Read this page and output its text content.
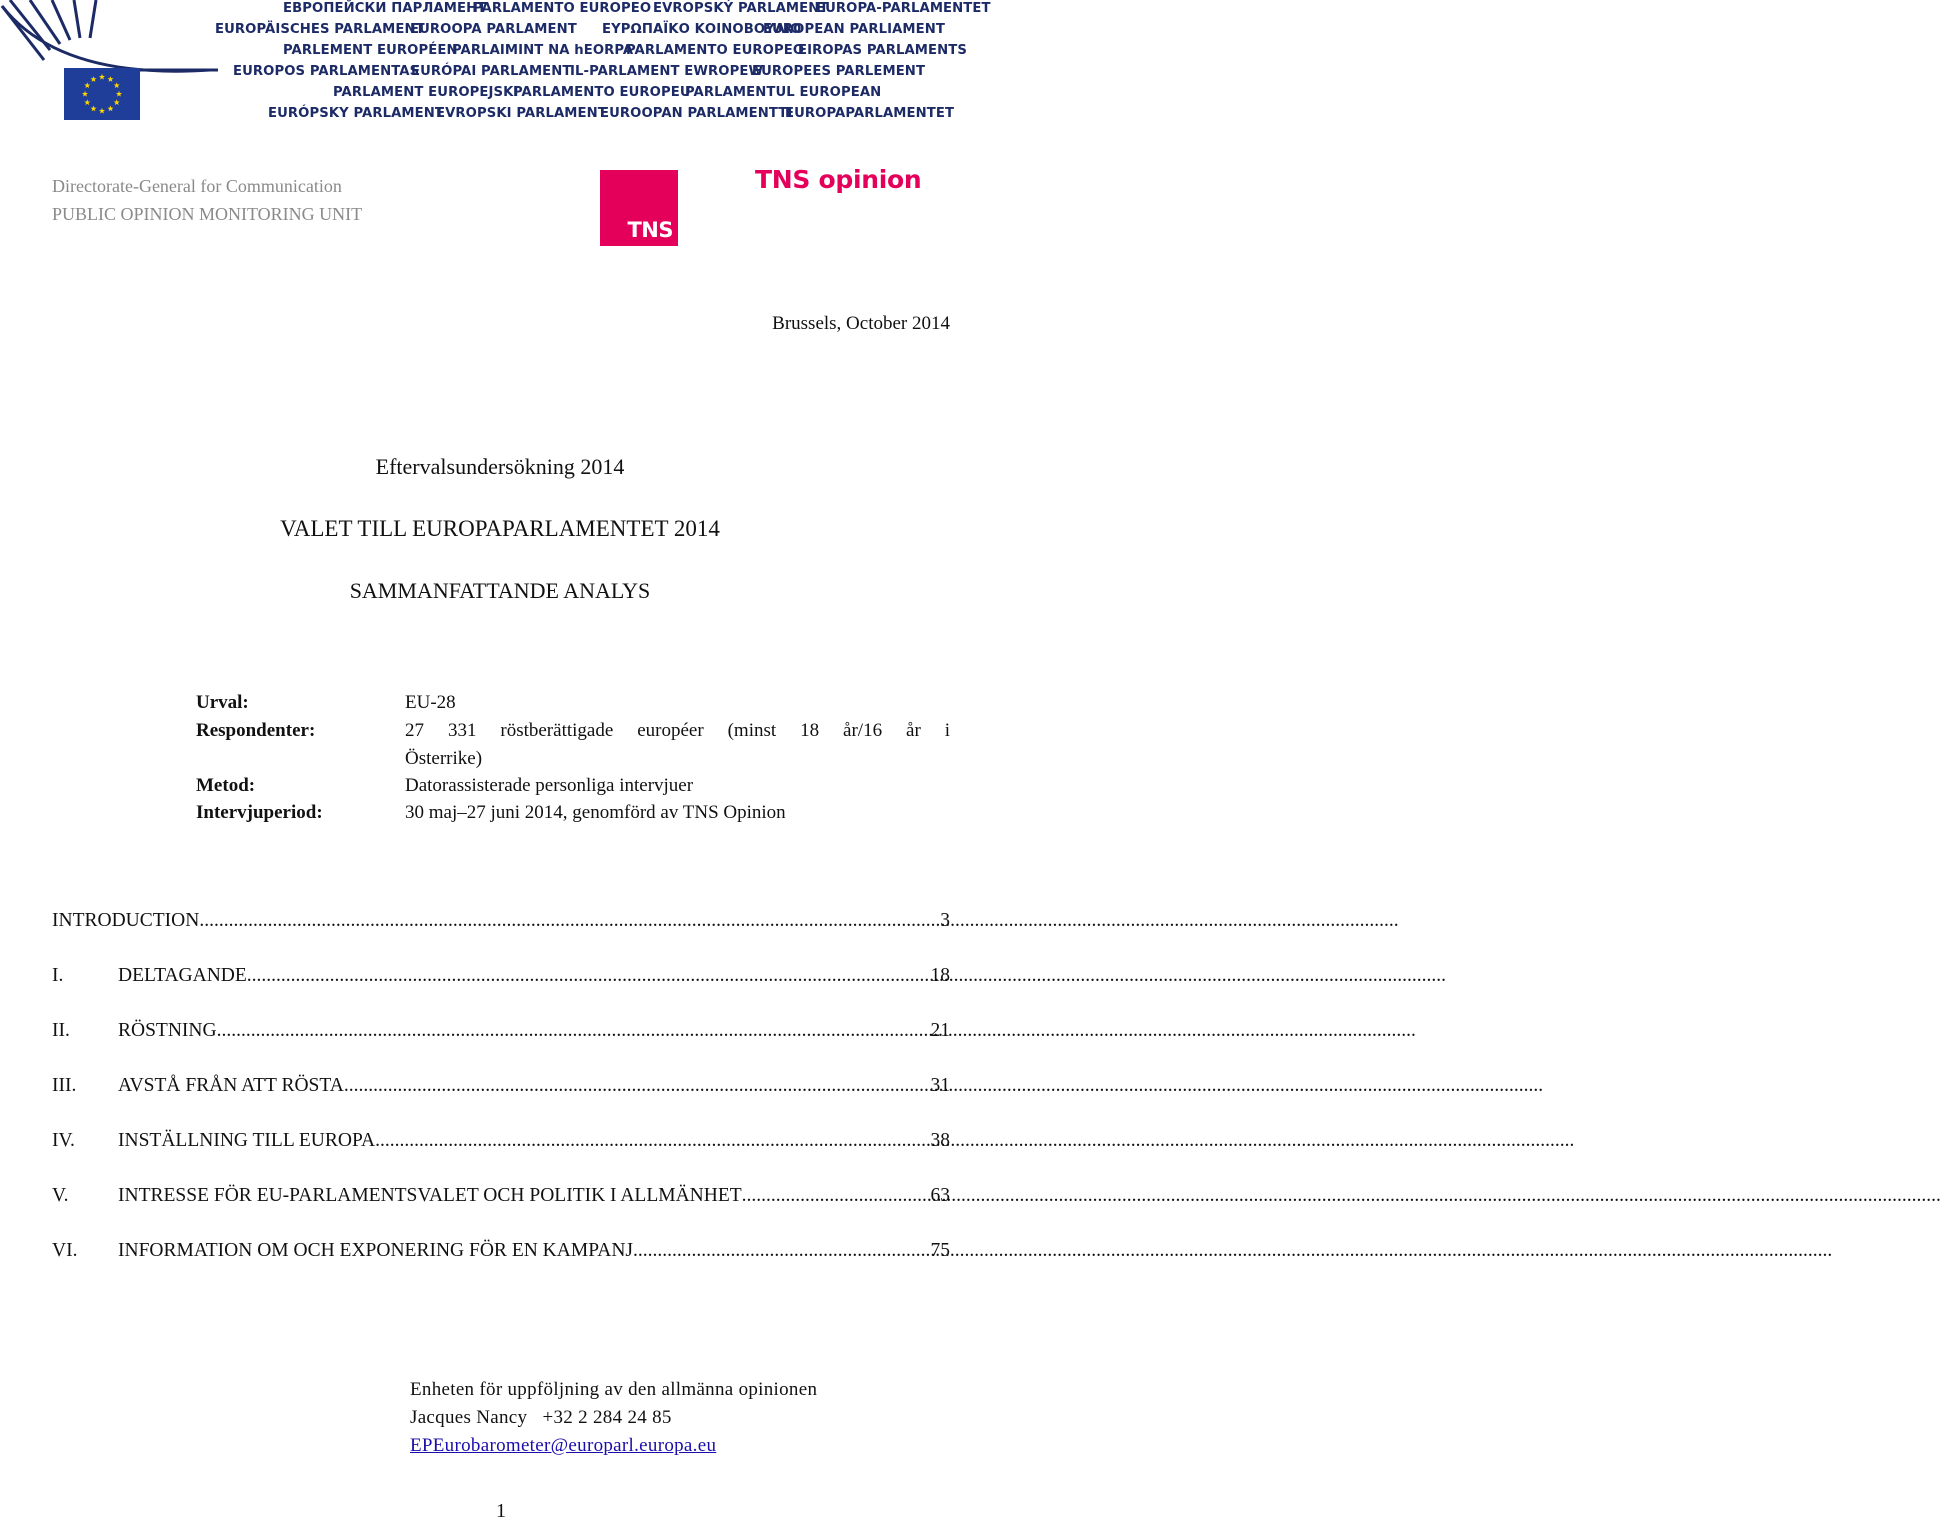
ЕВРОПЕЙСКИ ПАРЛАМЕНТ
PARLAMENTO EUROPEO EVROPSKÝ PARLAMENT
EUROPA-PARLAMENTET
EUROPÄISCHES PARLAMENT
EUROOPA PARLAMENT ΕΥΡΩΠΑΪΚΟ ΚΟΙΝΟΒΟΥΛΙΟ
EUROPEAN PARLIAMENT
PARLEMENT EUROPÉEN
PARLAIMINT NA hEORPA
PARLAMENTO EUROPEO
EIROPAS PARLAMENTS
EUROPOS PARLAMENTAS
EURÓPAI PARLAMENT
IL-PARLAMENT EWROPEW
EUROPEES PARLEMENT
PARLAMENT EUROPEJSKI
PARLAMENTO EUROPEU
PARLAMENTUL EUROPEAN
EURÓPSKY PARLAMENT
EVROPSKI PARLAMENT
EUROOPAN PARLAMENTTI
EUROPAPARLAMENTET
Directorate-General for Communication
PUBLIC OPINION MONITORING UNIT
TNS
TNS opinion
Brussels, October 2014
Eftervalsundersökning 2014
VALET TILL EUROPAPARLAMENTET 2014
SAMMANFATTANDE ANALYS
Urval:	EU-28
Respondenter:	27 331 röstberättigade européer (minst 18 år/16 år i
Österrike)
Metod:	Datorassisterade personliga intervjuer
Intervjuperiod:	30 maj–27 juni 2014, genomförd av TNS Opinion
INTRODUCTION .....	3
I.	DELTAGANDE .....	18
II.	RÖSTNING .....	21
III.	AVSTÅ FRÅN ATT RÖSTA .....	31
IV.	INSTÄLLNING TILL EUROPA .....	38
V.	INTRESSE FÖR EU-PARLAMENTSVALET OCH POLITIK I ALLMÄNHET .....	63
VI.	INFORMATION OM OCH EXPONERING FÖR EN KAMPANJ .....	75
Enheten för uppföljning av den allmänna opinionen
Jacques Nancy   +32 2 284 24 85
EPEurobarometer@europarl.europa.eu
1
